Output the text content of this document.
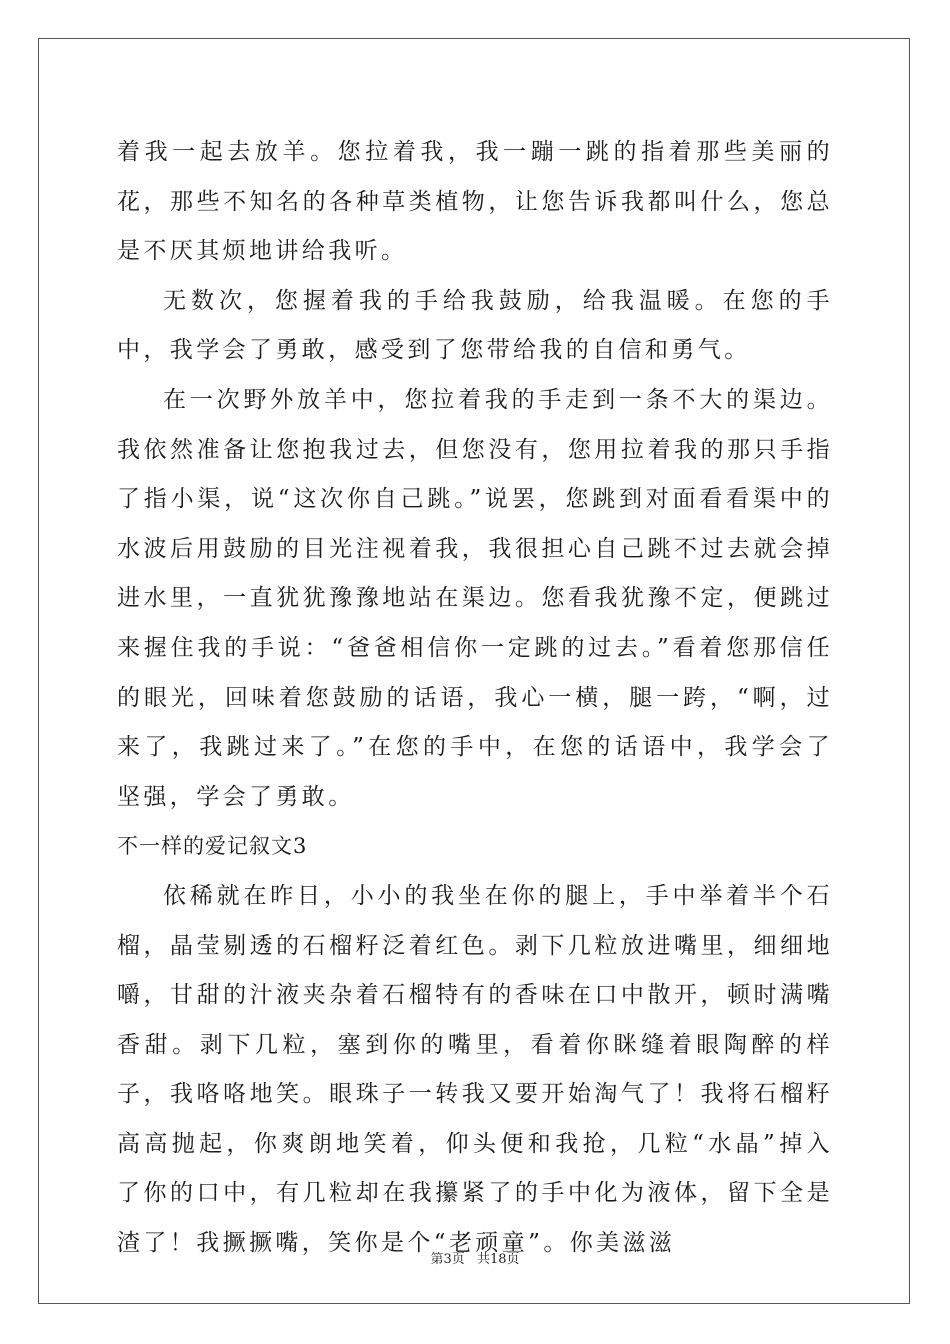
着我一起去放羊。您拉着我，我一蹦一跳的指着那些美丽的花，那些不知名的各种草类植物，让您告诉我都叫什么，您总是不厌其烦地讲给我听。

无数次，您握着我的手给我鼓励，给我温暖。在您的手中，我学会了勇敢，感受到了您带给我的自信和勇气。

在一次野外放羊中，您拉着我的手走到一条不大的渠边。我依然准备让您抱我过去，但您没有，您用拉着我的那只手指了指小渠，说“这次你自己跳。”说罢，您跳到对面看看渠中的水波后用鼓励的目光注视着我，我很担心自己跳不过去就会掉进水里，一直犹犹豫豫地站在渠边。您看我犹豫不定，便跳过来握住我的手说：“爸爸相信你一定跳的过去。”看着您那信任的眼光，回味着您鼓励的话语，我心一横，腿一跨，“啊，过来了，我跳过来了。”在您的手中，在您的话语中，我学会了坚强，学会了勇敢。

不一样的爱记叙文3

依稀就在昨日，小小的我坐在你的腿上，手中举着半个石榴，晶莹剔透的石榴籽泛着红色。剥下几粒放进嘴里，细细地嚼，甘甜的汁液夹杂着石榴特有的香味在口中散开，顿时满嘴香甜。剥下几粒，塞到你的嘴里，看着你眯缝着眼陶醉的样子，我咯咯地笑。眼珠子一转我又要开始淘气了！我将石榴籽高高抛起，你爽朗地笑着，仰头便和我抢，几粒“水晶”掉入了你的口中，有几粒却在我攥紧了的手中化为液体，留下全是渣了！我撅撅嘴，笑你是个“老顽童”。你美滋滋

第3页 共18页
